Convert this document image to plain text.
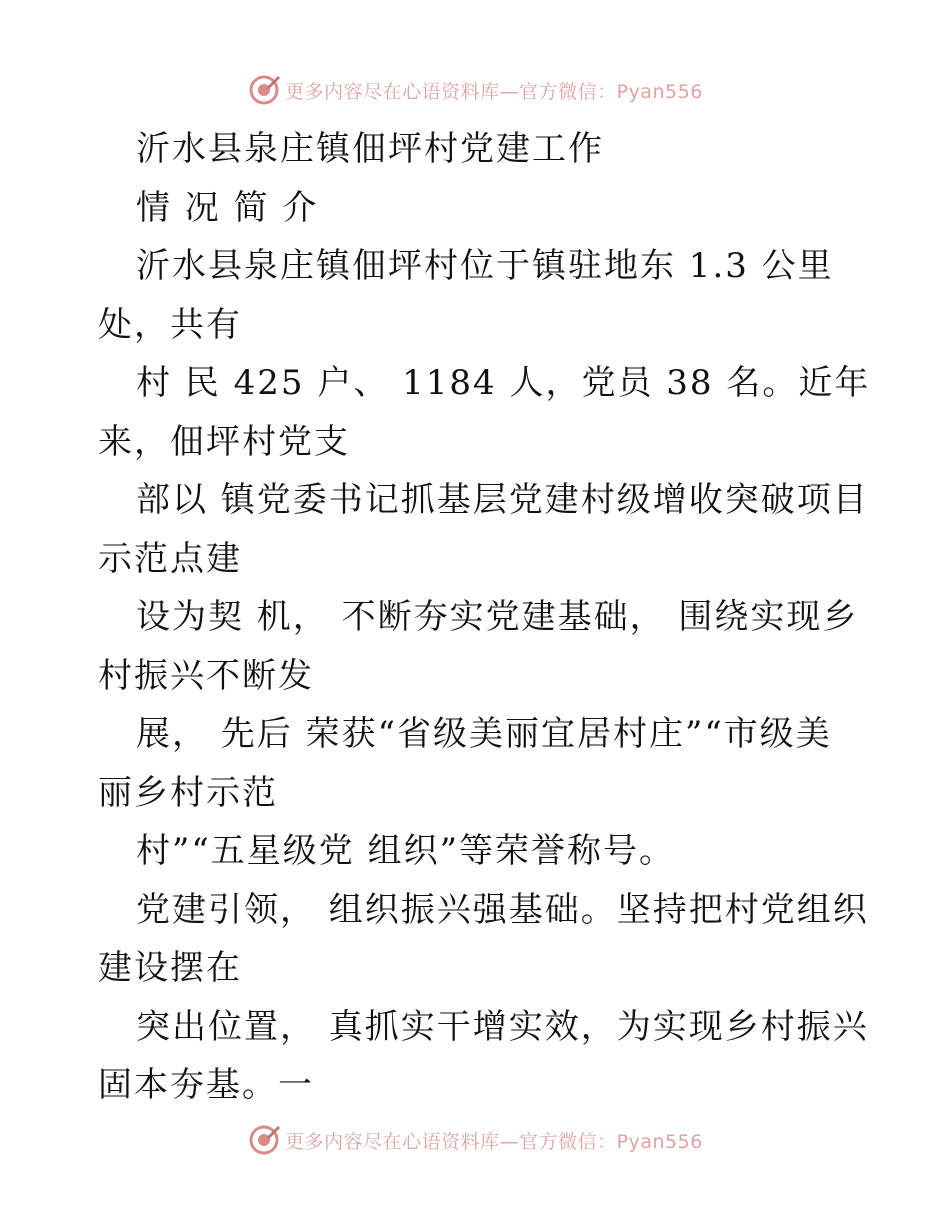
更多内容尽在心语资料库—官方微信：Pyan556
沂水县泉庄镇佃坪村党建工作
情 况 简 介
沂水县泉庄镇佃坪村位于镇驻地东 1.3 公里
处，共有
村 民 425 户、 1184 人，党员 38 名。近年
来，佃坪村党支
部以 镇党委书记抓基层党建村级增收突破项目
示范点建
设为契 机， 不断夯实党建基础， 围绕实现乡
村振兴不断发
展， 先后 荣获“省级美丽宜居村庄”“市级美
丽乡村示范
村”“五星级党 组织”等荣誉称号。
党建引领， 组织振兴强基础。坚持把村党组织
建设摆在
突出位置， 真抓实干增实效，为实现乡村振兴
固本夯基。一
更多内容尽在心语资料库—官方微信：Pyan556
